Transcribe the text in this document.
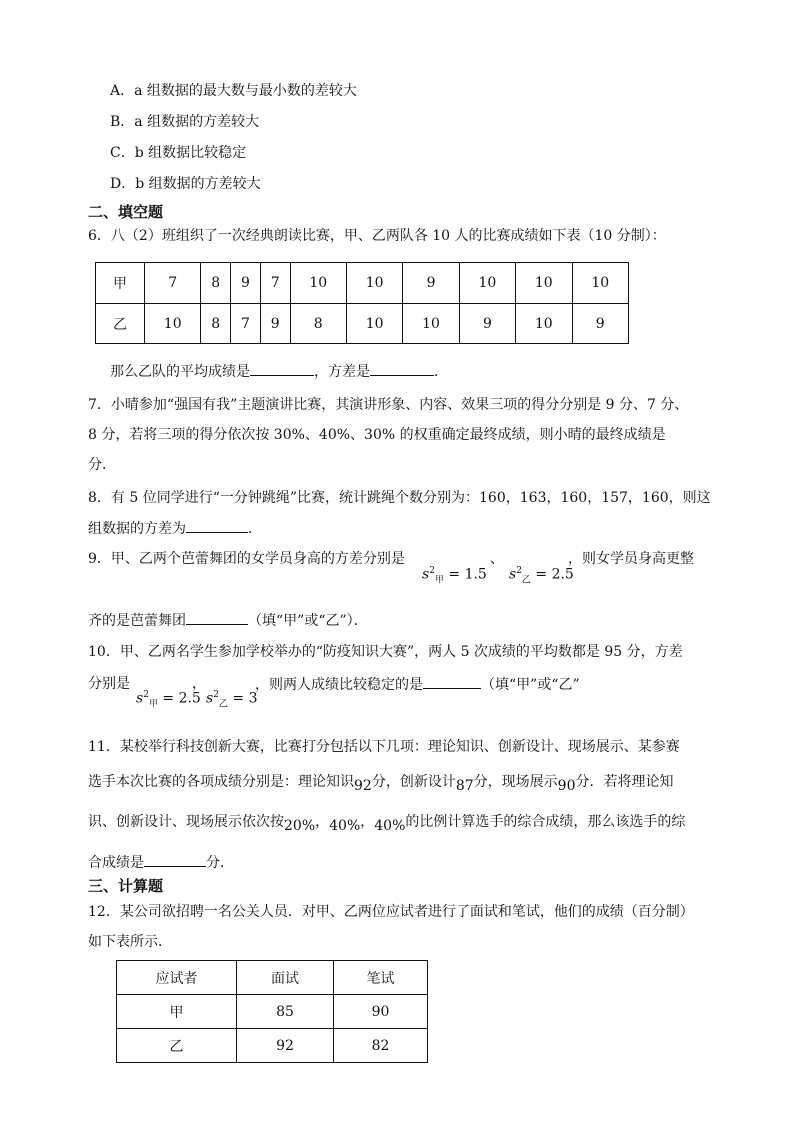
A．a 组数据的最大数与最小数的差较大
B．a 组数据的方差较大
C．b 组数据比较稳定
D．b 组数据的方差较大
二、填空题
6．八（2）班组织了一次经典朗读比赛，甲、乙两队各 10 人的比赛成绩如下表（10 分制）：
甲	7	8	9	7	10	10	9	10	10	10
乙	10	8	7	9	8	10	10	9	10	9
那么乙队的平均成绩是	，方差是	．
7．小晴参加“强国有我”主题演讲比赛，其演讲形象、内容、效果三项的得分分别是 9 分、7 分、
8 分，若将三项的得分依次按 30%、40%、30% 的权重确定最终成绩，则小晴的最终成绩是
分．
8．有 5 位同学进行“一分钟跳绳”比赛，统计跳绳个数分别为：160，163，160，157，160，则这
组数据的方差为	．
9．甲、乙两个芭蕾舞团的女学员身高的方差分别是	、	，则女学员身高更整
$s^2_甲 = 1.5$ $s^2_乙 = 2.5$
齐的是芭蕾舞团	（填“甲”或“乙”）．
10．甲、乙两名学生参加学校举办的“防疫知识大赛”，两人 5 次成绩的平均数都是 95 分，方差
分别是	，	，则两人成绩比较稳定的是	（填“甲”或“乙”
$s^2_甲 = 2.5$ $s^2_乙 = 3$
11．某校举行科技创新大赛，比赛打分包括以下几项：理论知识、创新设计、现场展示、某参赛
选手本次比赛的各项成绩分别是：理论知识92分，创新设计87分，现场展示90分．若将理论知
识、创新设计、现场展示依次按20%，40%，40%的比例计算选手的综合成绩，那么该选手的综
合成绩是	分．
三、计算题
12．某公司欲招聘一名公关人员．对甲、乙两位应试者进行了面试和笔试，他们的成绩（百分制）
如下表所示．
应试者	面试	笔试
甲	85	90
乙	92	82
